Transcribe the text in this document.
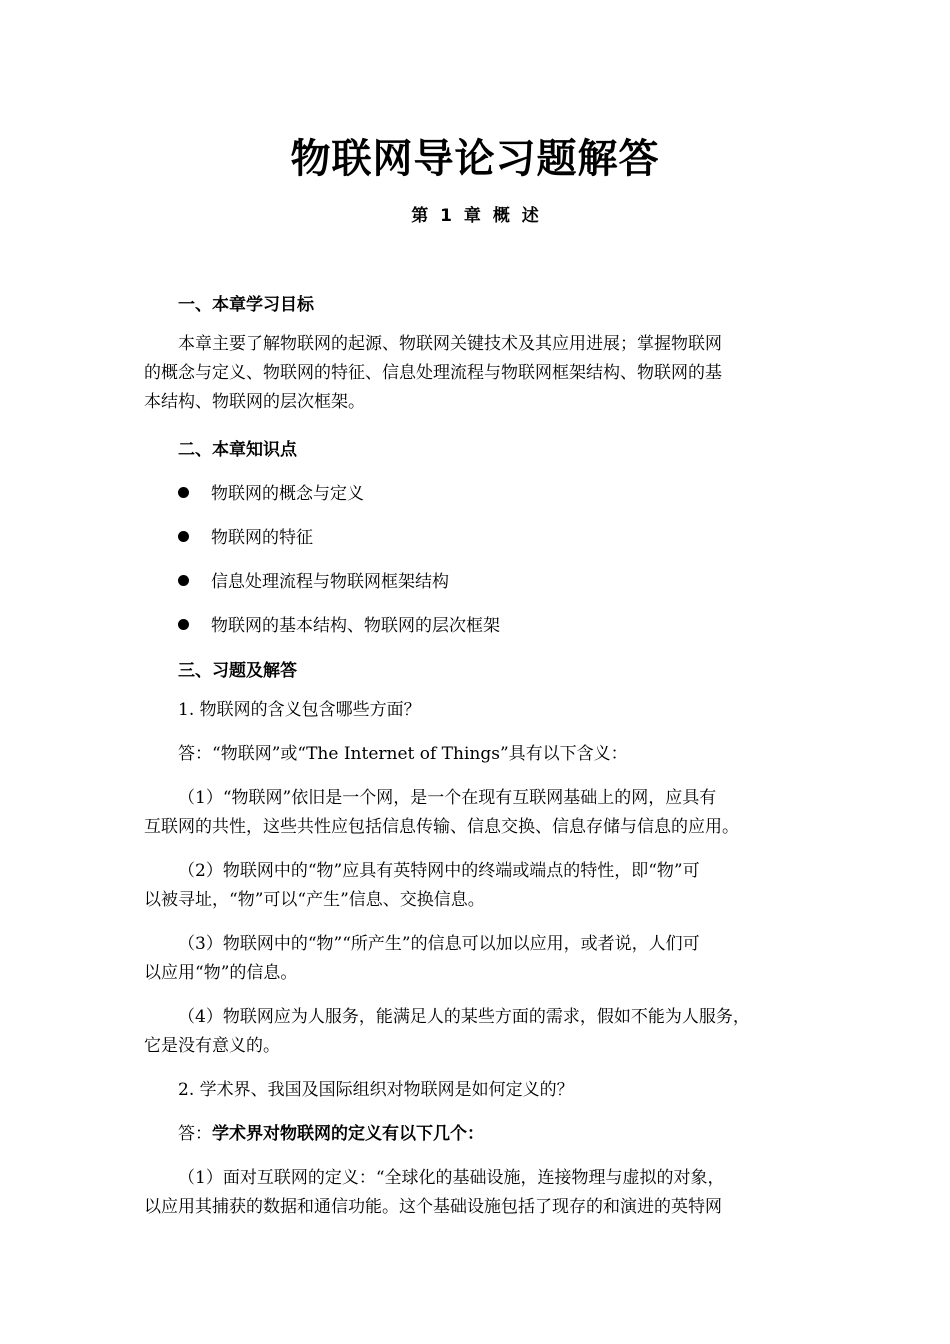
物联网导论习题解答
第 1 章 概 述
一、本章学习目标
本章主要了解物联网的起源、物联网关键技术及其应用进展；掌握物联网
的概念与定义、物联网的特征、信息处理流程与物联网框架结构、物联网的基
本结构、物联网的层次框架。
二、本章知识点
物联网的概念与定义
物联网的特征
信息处理流程与物联网框架结构
物联网的基本结构、物联网的层次框架
三、习题及解答
1. 物联网的含义包含哪些方面？
答：“物联网”或“The Internet of Things”具有以下含义：
（1）“物联网”依旧是一个网，是一个在现有互联网基础上的网，应具有
互联网的共性，这些共性应包括信息传输、信息交换、信息存储与信息的应用。
（2）物联网中的“物”应具有英特网中的终端或端点的特性，即“物”可
以被寻址，“物”可以“产生”信息、交换信息。
（3）物联网中的“物”“所产生”的信息可以加以应用，或者说，人们可
以应用“物”的信息。
（4）物联网应为人服务，能满足人的某些方面的需求，假如不能为人服务，
它是没有意义的。
2. 学术界、我国及国际组织对物联网是如何定义的？
答：学术界对物联网的定义有以下几个：
（1）面对互联网的定义：“全球化的基础设施，连接物理与虚拟的对象，
以应用其捕获的数据和通信功能。这个基础设施包括了现存的和演进的英特网
